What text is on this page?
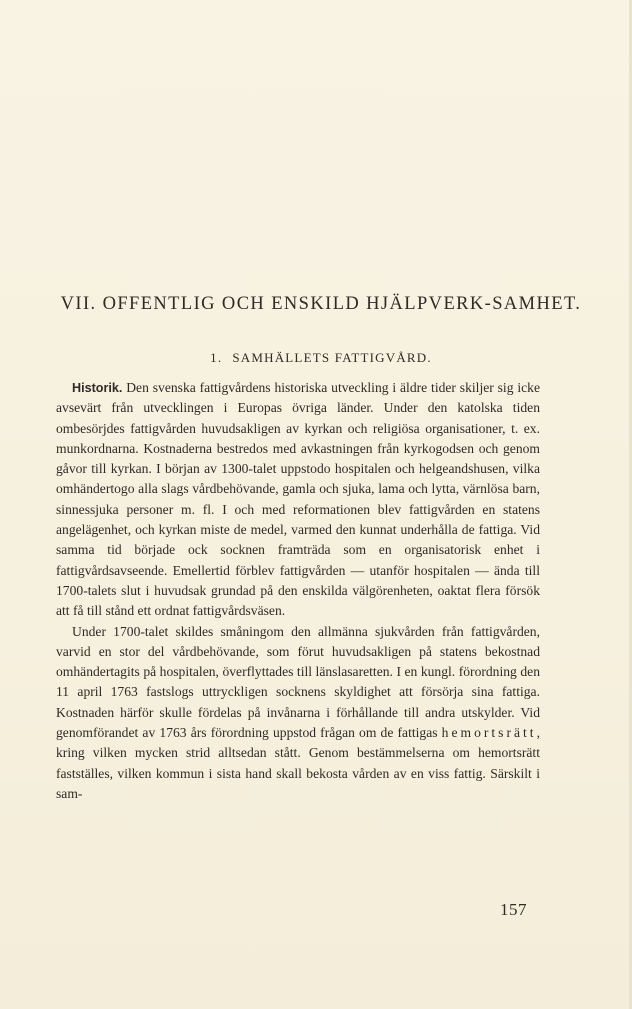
VII. OFFENTLIG OCH ENSKILD HJÄLPVERK-SAMHET.
1. SAMHÄLLETS FATTIGVÅRD.

Historik. Den svenska fattigvårdens historiska utveckling i äldre tider skiljer sig icke avsevärt från utvecklingen i Europas övriga länder. Under den katolska tiden ombesörjdes fattigvården huvudsakligen av kyrkan och religiösa organisationer, t. ex. munkordnarna. Kostnaderna bestredos med avkastningen från kyrkogodsen och genom gåvor till kyrkan. I början av 1300-talet uppstodo hospitalen och helgeandshusen, vilka omhändertogo alla slags vårdbehövande, gamla och sjuka, lama och lytta, värnlösa barn, sinnessjuka personer m. fl. I och med reformationen blev fattigvården en statens angelägenhet, och kyrkan miste de medel, varmed den kunnat underhålla de fattiga. Vid samma tid började ock socknen framträda som en organisatorisk enhet i fattigvårdsavseende. Emellertid förblev fattigvården — utanför hospitalen — ända till 1700-talets slut i huvudsak grundad på den enskilda välgörenheten, oaktat flera försök att få till stånd ett ordnat fattigvårdsväsen.

Under 1700-talet skildes småningom den allmänna sjukvården från fattigvården, varvid en stor del vårdbehövande, som förut huvudsakligen på statens bekostnad omhändertagits på hospitalen, överflyttades till länslasaretten. I en kungl. förordning den 11 april 1763 fastslogs uttryckligen socknens skyldighet att försörja sina fattiga. Kostnaden härför skulle fördelas på invånarna i förhållande till andra utskylder. Vid genomförandet av 1763 års förordning uppstod frågan om de fattigas hemortsrätt, kring vilken mycken strid alltsedan stått. Genom bestämmelserna om hemortsrätt fastställes, vilken kommun i sista hand skall bekosta vården av en viss fattig. Särskilt i sam-

157
